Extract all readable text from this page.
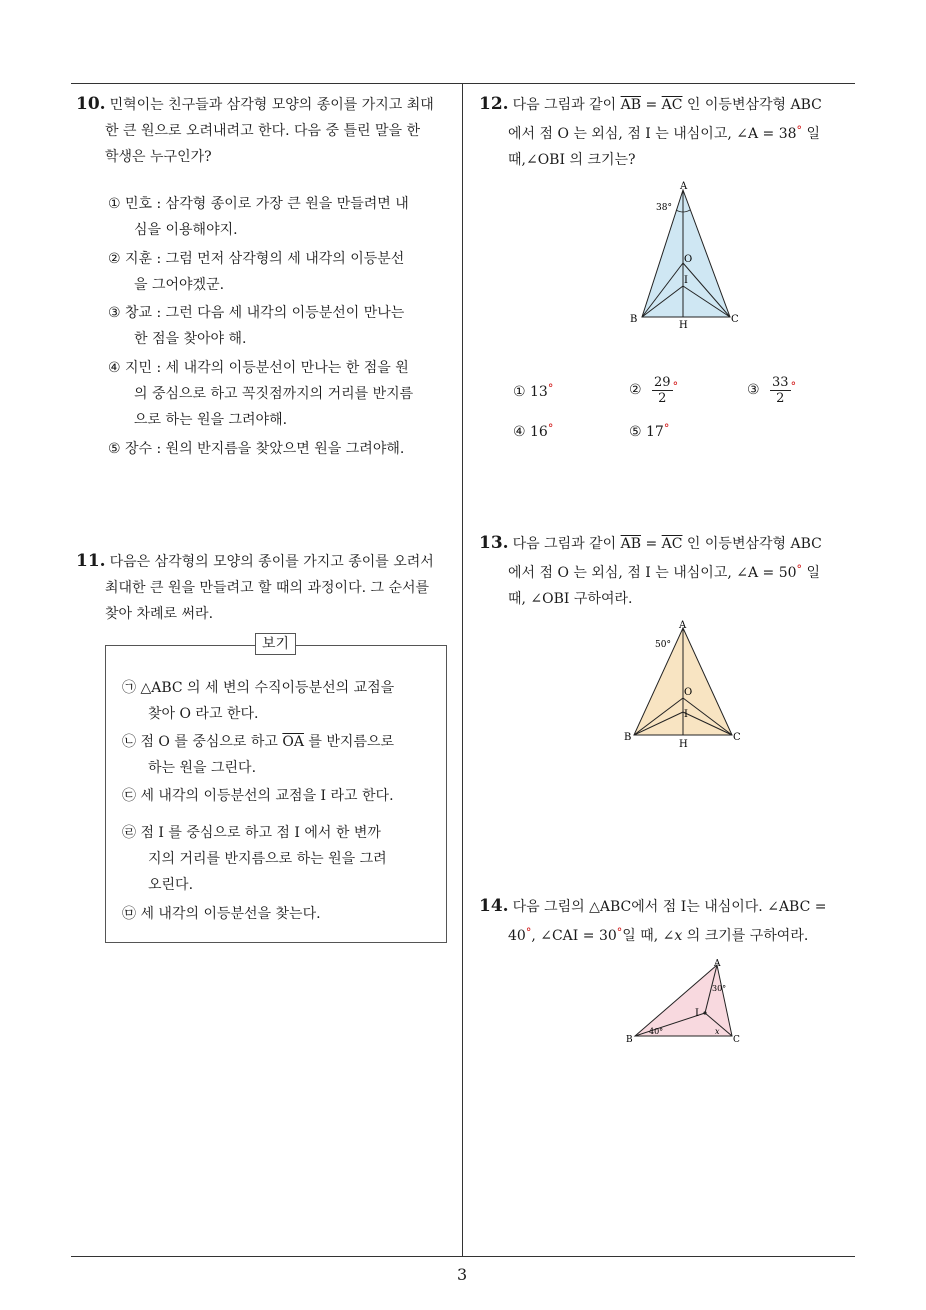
10. 민혁이는 친구들과 삼각형 모양의 종이를 가지고 최대
한 큰 원으로 오려내려고 한다. 다음 중 틀린 말을 한
학생은 누구인가?
① 민호 : 삼각형 종이로 가장 큰 원을 만들려면 내
심을 이용해야지.
② 지훈 : 그럼 먼저 삼각형의 세 내각의 이등분선
을 그어야겠군.
③ 창교 : 그런 다음 세 내각의 이등분선이 만나는
한 점을 찾아야 해.
④ 지민 : 세 내각의 이등분선이 만나는 한 점을 원
의 중심으로 하고 꼭짓점까지의 거리를 반지름
으로 하는 원을 그려야해.
⑤ 장수 : 원의 반지름을 찾았으면 원을 그려야해.
11. 다음은 삼각형의 모양의 종이를 가지고 종이를 오려서
최대한 큰 원을 만들려고 할 때의 과정이다. 그 순서를
찾아 차례로 써라.
보기
㉠ △ABC 의 세 변의 수직이등분선의 교점을
찾아 O 라고 한다.
㉡ 점 O 를 중심으로 하고 $\overline{OA}$ 를 반지름으로
하는 원을 그린다.
㉢ 세 내각의 이등분선의 교점을 I 라고 한다.
㉣ 점 I 를 중심으로 하고 점 I 에서 한 변까
지의 거리를 반지름으로 하는 원을 그려
오린다.
㉤ 세 내각의 이등분선을 찾는다.
12. 다음 그림과 같이 $\overline{AB} = \overline{AC}$ 인 이등변삼각형 ABC
에서 점 O 는 외심, 점 I 는 내심이고, ∠A = 38° 일
때,∠OBI 의 크기는?
A
38°
O
I
B	C
H
① 13°	② $\frac{29}{2} ^\circ$	③ $\frac{33}{2} ^\circ$
④ 16°	⑤ 17°
13. 다음 그림과 같이 $\overline{AB} = \overline{AC}$ 인 이등변삼각형 ABC
에서 점 O 는 외심, 점 I 는 내심이고, ∠A = 50° 일
때, ∠OBI 구하여라.
A
50°
O
I
B	C
H
14. 다음 그림의 △ABC에서 점 I는 내심이다. ∠ABC =
40°, ∠CAI = 30°일 때, ∠x 의 크기를 구하여라.
A
30°
I
x
40°
B	C
3
